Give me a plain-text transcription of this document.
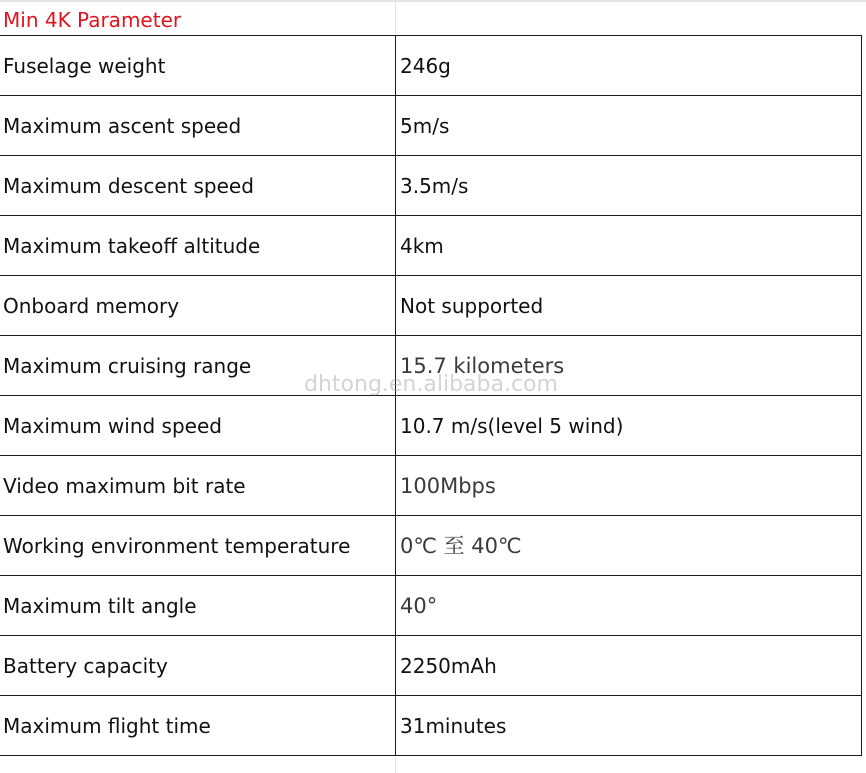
Min 4K Parameter
Fuselage weight	246g
Maximum ascent speed	5m/s
Maximum descent speed	3.5m/s
Maximum takeoff altitude	4km
Onboard memory	Not supported
Maximum cruising range	15.7 kilometers
Maximum wind speed	10.7 m/s(level 5 wind)
Video maximum bit rate	100Mbps
Working environment temperature	0℃ 至 40℃
Maximum tilt angle	40°
Battery capacity	2250mAh
Maximum flight time	31minutes
dhtong.en.alibaba.com
